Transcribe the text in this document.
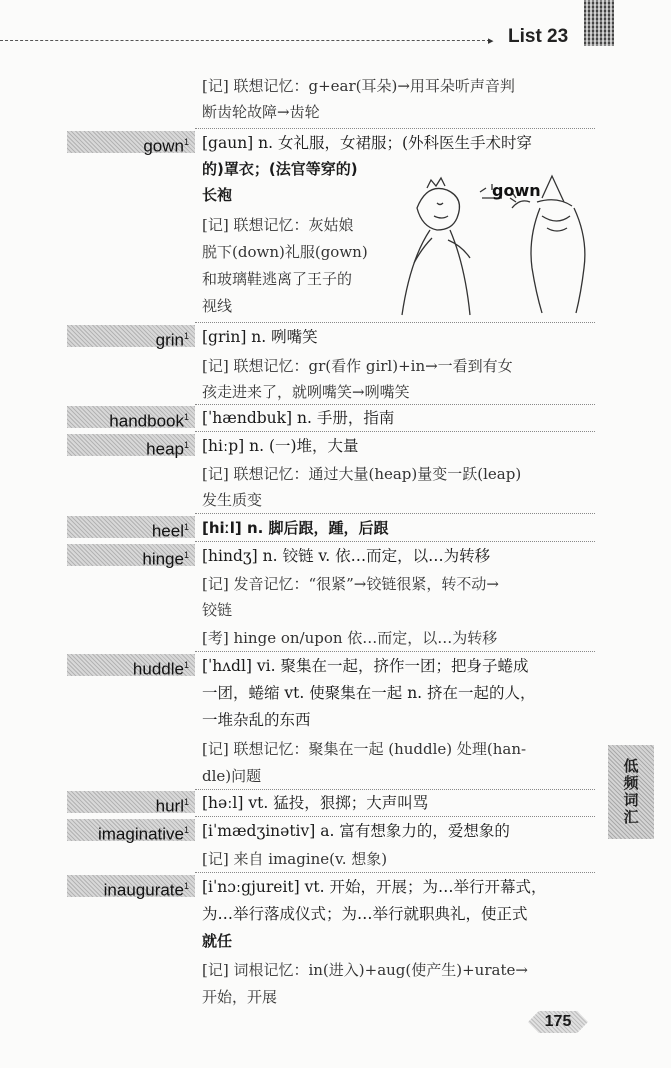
▸ List 23
[记] 联想记忆：g+ear(耳朵)→用耳朵听声音判
断齿轮故障→齿轮
gown$^1$ [gaun] n. 女礼服，女裙服；(外科医生手术时穿
的)罩衣；(法官等穿的)
长袍
[记] 联想记忆：灰姑娘
脱下(down)礼服(gown)
和玻璃鞋逃离了王子的
视线
gown
grin$^1$ [grin] n. 咧嘴笑
[记] 联想记忆：gr(看作 girl)+in→一看到有女
孩走进来了，就咧嘴笑→咧嘴笑
handbook$^1$ [ˈhændbuk] n. 手册，指南
heap$^1$ [hiːp] n. (一)堆，大量
[记] 联想记忆：通过大量(heap)量变一跃(leap)
发生质变
heel$^1$ [hiːl] n. 脚后跟，踵，后跟
hinge$^1$ [hindʒ] n. 铰链 v. 依…而定，以…为转移
[记] 发音记忆：“很紧”→铰链很紧，转不动→
铰链
[考] hinge on/upon 依…而定，以…为转移
huddle$^1$ [ˈhʌdl] vi. 聚集在一起，挤作一团；把身子蜷成
一团，蜷缩 vt. 使聚集在一起 n. 挤在一起的人，
一堆杂乱的东西
[记] 联想记忆：聚集在一起 (huddle) 处理(han-
dle)问题
hurl$^1$ [həːl] vt. 猛投，狠掷；大声叫骂
imaginative$^1$ [iˈmædʒinətiv] a. 富有想象力的，爱想象的
[记] 来自 imagine(v. 想象)
inaugurate$^1$ [iˈnɔːgjureit] vt. 开始，开展；为…举行开幕式，
为…举行落成仪式；为…举行就职典礼，使正式
就任
[记] 词根记忆：in(进入)+aug(使产生)+urate→
开始，开展
低频词汇
175
